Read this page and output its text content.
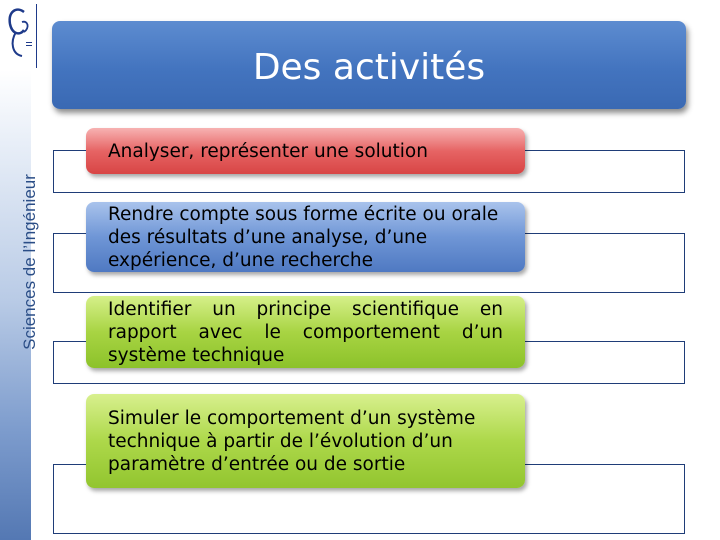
Sciences de l’Ingénieur
Des activités
Analyser, représenter une solution
Rendre compte sous forme écrite ou orale des résultats d’une analyse, d’une expérience, d’une recherche
Identifier un principe scientifique en rapport avec le comportement d’un système technique
Simuler le comportement d’un système technique à partir de l’évolution d’un paramètre d’entrée ou de sortie
